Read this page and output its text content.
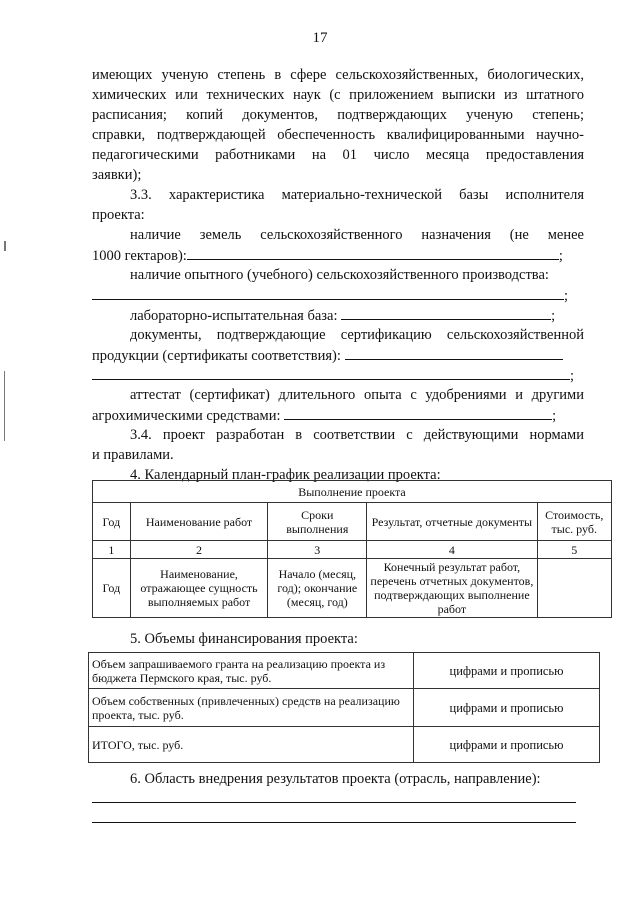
17
имеющих ученую степень в сфере сельскохозяйственных, биологических,
химических или технических наук (с приложением выписки из штатного
расписания; копий документов, подтверждающих ученую степень;
справки, подтверждающей обеспеченность квалифицированными научно-
педагогическими работниками на 01 число месяца предоставления
заявки);
3.3. характеристика материально-технической базы исполнителя
проекта:
наличие земель сельскохозяйственного назначения (не менее
1000 гектаров):	;
наличие опытного (учебного) сельскохозяйственного производства:
;
лабораторно-испытательная база:	;
документы, подтверждающие сертификацию сельскохозяйственной
продукции (сертификаты соответствия):
;
аттестат (сертификат) длительного опыта с удобрениями и другими
агрохимическими средствами:	;
3.4. проект разработан в соответствии с действующими нормами
и правилами.
4. Календарный план-график реализации проекта:
Выполнение проекта				
Год	Наименование работ	Сроки выполнения	Результат, отчетные документы	Стоимость, тыс. руб.
1	2	3	4	5
Год	Наименование, отражающее сущность выполняемых работ	Начало (месяц, год); окончание (месяц, год)	Конечный результат работ, перечень отчетных документов, подтверждающих выполнение работ	
5. Объемы финансирования проекта:
Объем запрашиваемого гранта на реализацию проекта из бюджета Пермского края, тыс. руб.	цифрами и прописью
Объем собственных (привлеченных) средств на реализацию проекта, тыс. руб.	цифрами и прописью
ИТОГО, тыс. руб.	цифрами и прописью
6. Область внедрения результатов проекта (отрасль, направление):
